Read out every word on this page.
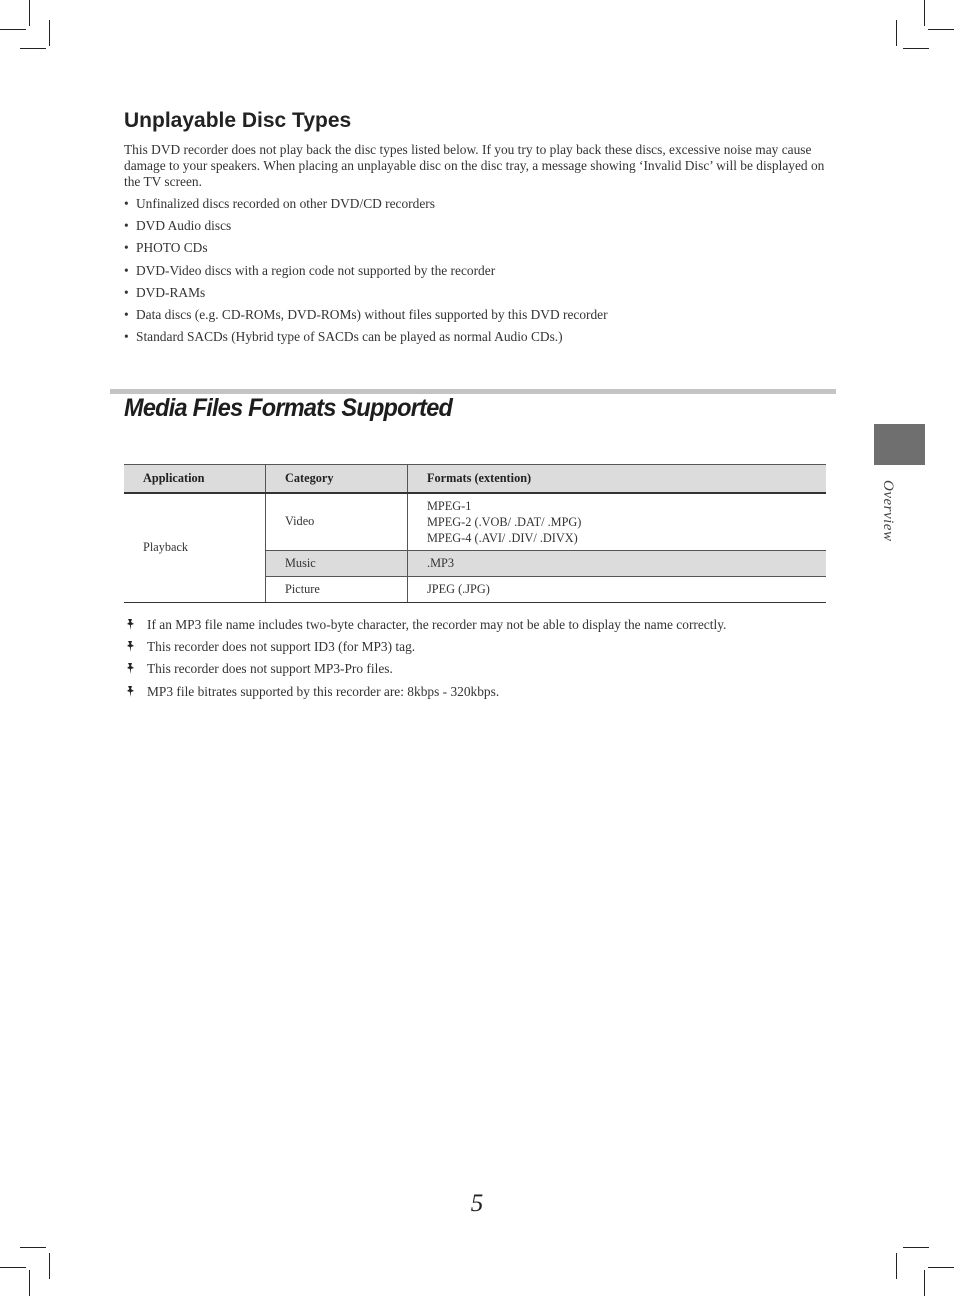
Unplayable Disc Types

This DVD recorder does not play back the disc types listed below. If you try to play back these discs, excessive noise may cause damage to your speakers. When placing an unplayable disc on the disc tray, a message showing ‘Invalid Disc’ will be displayed on the TV screen.

• Unfinalized discs recorded on other DVD/CD recorders
• DVD Audio discs
• PHOTO CDs
• DVD-Video discs with a region code not supported by the recorder
• DVD-RAMs
• Data discs (e.g. CD-ROMs, DVD-ROMs) without files supported by this DVD recorder
• Standard SACDs (Hybrid type of SACDs can be played as normal Audio CDs.)
Media Files Formats Supported
Overview
Application	Category	Formats (extention)
Playback	Video	MPEG-1
MPEG-2 (.VOB/ .DAT/ .MPG)
MPEG-4 (.AVI/ .DIV/ .DIVX)

	Music	.MP3
	Picture	JPEG (.JPG)
If an MP3 file name includes two-byte character, the recorder may not be able to display the name correctly.
This recorder does not support ID3 (for MP3) tag.
This recorder does not support MP3-Pro files.
MP3 file bitrates supported by this recorder are: 8kbps - 320kbps.
5
